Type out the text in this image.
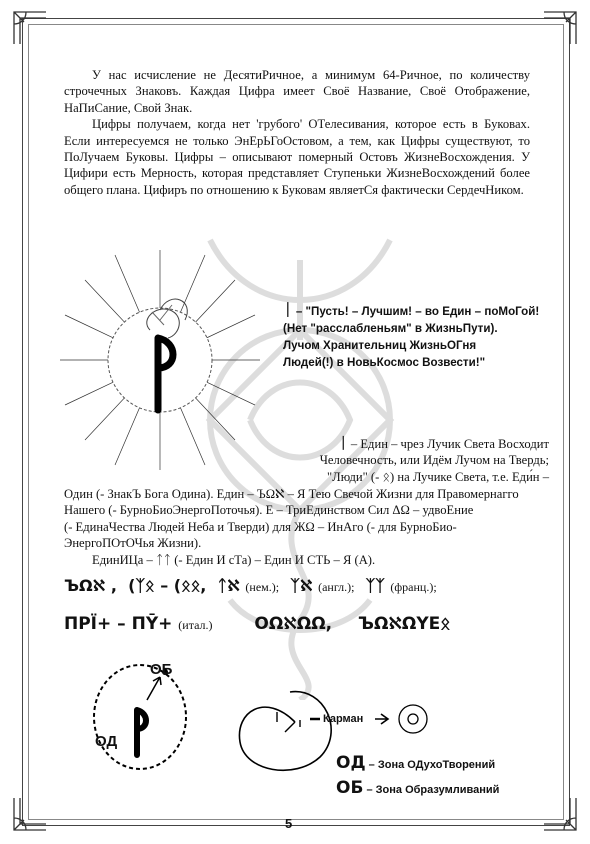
У нас исчисление не ДесятиРичное, а минимум 64-Ричное, по количеству строчечных Знаковъ. Каждая Цифра имеет Своё Название, Своё Отображение, НаПиСание, Свой Знак.

Цифры получаем, когда нет 'грубого' ОТелесивания, которое есть в Буковах. Если интересуемся не только ЭнЕрЬГоОстовом, а тем, как Цифры существуют, то ПоЛучаем Буковы. Цифры – описывают померный Остовъ ЖизнеВосхождения. У Цифири есть Мерность, которая представляет Ступеньки ЖизнеВосхождений более общего плана. Цифиръ по отношению к Буковам являетСя фактически СердечНиком.

ᛁ – "Пусть! – Лучшим! – во Един – поМоГой!
(Нет "расслабленьям" в ЖизньПути).
Лучом Хранительниц ЖизньОГня
Людей(!) в НовьКосмос Возвести!"
ᛁ – Един – чрез Лучик Света Восходит
Человечность, или Идём Лучом на Твердь;
"Люди" (- ᛟ) на Лучике Света, т.е. Еди́н –
Один (- ЗнакЪ Бога Одина). Един – ЪΩℵ – Я Тею Свечой Жизни для Правомернагго
Нашего (- БурноБиоЭнергоПоточья). Ε – ТриЕдинством Сил ΔΩ – удвоЕние
(- ЕдинаЧества Людей Неба и Тверди) для ЖΩ – ИнАго (- для БурноБио-
ЭнергоПОтОЧья Жизни).
ЕдинИЦа – ᛏᛏ (- Един И сТа) – Един И СТЬ – Я (Α).
ЪΩℵ , (ᛉᛟ – (ᛟᛟ, ᛏℵ (нем.); ᛉℵ (англ.); ᛉᛉ (франц.);
ПРÏ+ – ПῩ+ (итал.) ΟΩℵΩΩ, ЪΩℵΩΥΕᛟ
ОБ
ОД
Карман
ОД – Зона ОДухоТворений
ОБ – Зона Образумливаний
5
